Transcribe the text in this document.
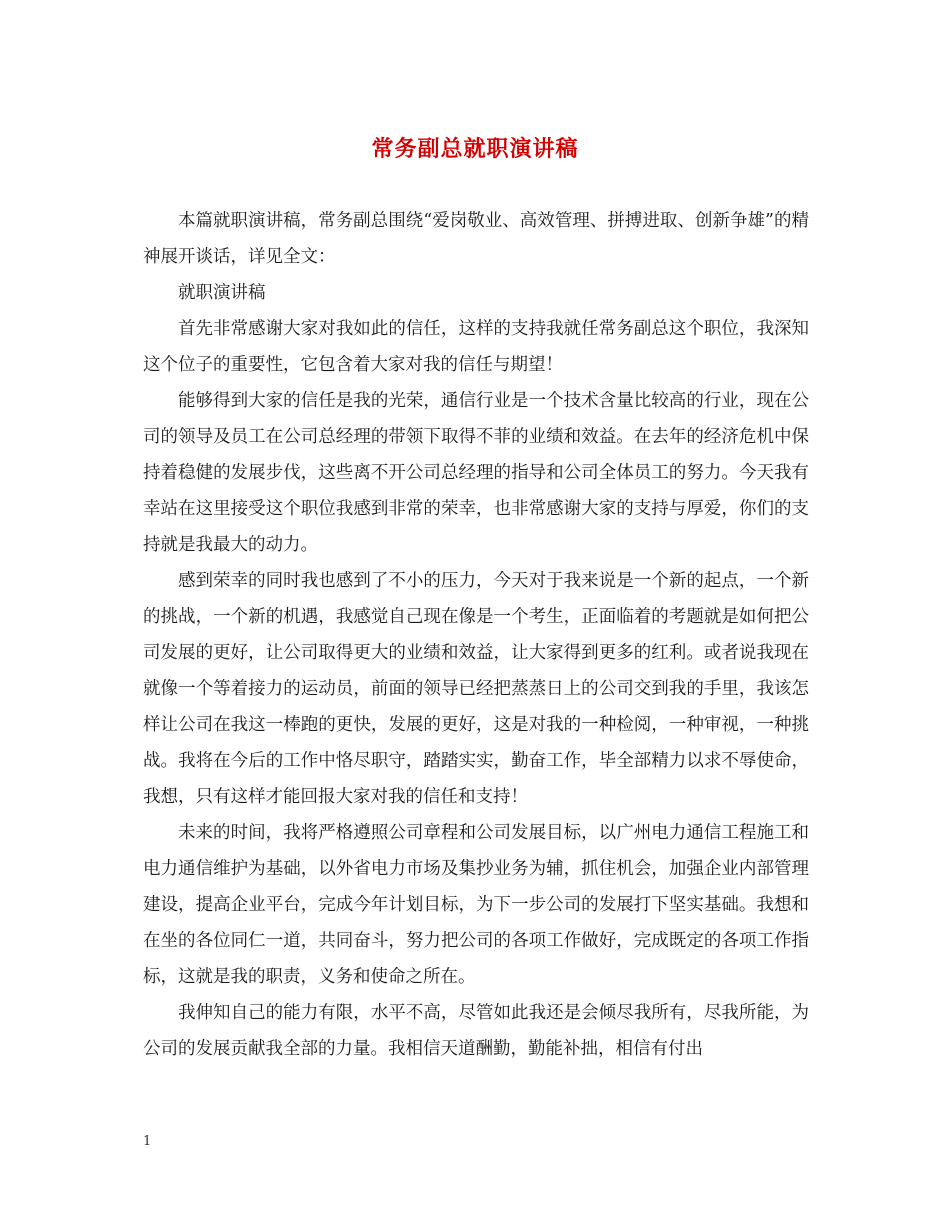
常务副总就职演讲稿

本篇就职演讲稿，常务副总围绕“爱岗敬业、高效管理、拼搏进取、创新争雄”的精神展开谈话，详见全文：

就职演讲稿

首先非常感谢大家对我如此的信任，这样的支持我就任常务副总这个职位，我深知这个位子的重要性，它包含着大家对我的信任与期望！

能够得到大家的信任是我的光荣，通信行业是一个技术含量比较高的行业，现在公司的领导及员工在公司总经理的带领下取得不菲的业绩和效益。在去年的经济危机中保持着稳健的发展步伐，这些离不开公司总经理的指导和公司全体员工的努力。今天我有幸站在这里接受这个职位我感到非常的荣幸，也非常感谢大家的支持与厚爱，你们的支持就是我最大的动力。

感到荣幸的同时我也感到了不小的压力，今天对于我来说是一个新的起点，一个新的挑战，一个新的机遇，我感觉自己现在像是一个考生，正面临着的考题就是如何把公司发展的更好，让公司取得更大的业绩和效益，让大家得到更多的红利。或者说我现在就像一个等着接力的运动员，前面的领导已经把蒸蒸日上的公司交到我的手里，我该怎样让公司在我这一棒跑的更快，发展的更好，这是对我的一种检阅，一种审视，一种挑战。我将在今后的工作中恪尽职守，踏踏实实，勤奋工作，毕全部精力以求不辱使命，我想，只有这样才能回报大家对我的信任和支持！

未来的时间，我将严格遵照公司章程和公司发展目标，以广州电力通信工程施工和电力通信维护为基础，以外省电力市场及集抄业务为辅，抓住机会，加强企业内部管理建设，提高企业平台，完成今年计划目标，为下一步公司的发展打下坚实基础。我想和在坐的各位同仁一道，共同奋斗，努力把公司的各项工作做好，完成既定的各项工作指标，这就是我的职责，义务和使命之所在。

我伸知自己的能力有限，水平不高，尽管如此我还是会倾尽我所有，尽我所能，为公司的发展贡献我全部的力量。我相信天道酬勤，勤能补拙，相信有付出

1
